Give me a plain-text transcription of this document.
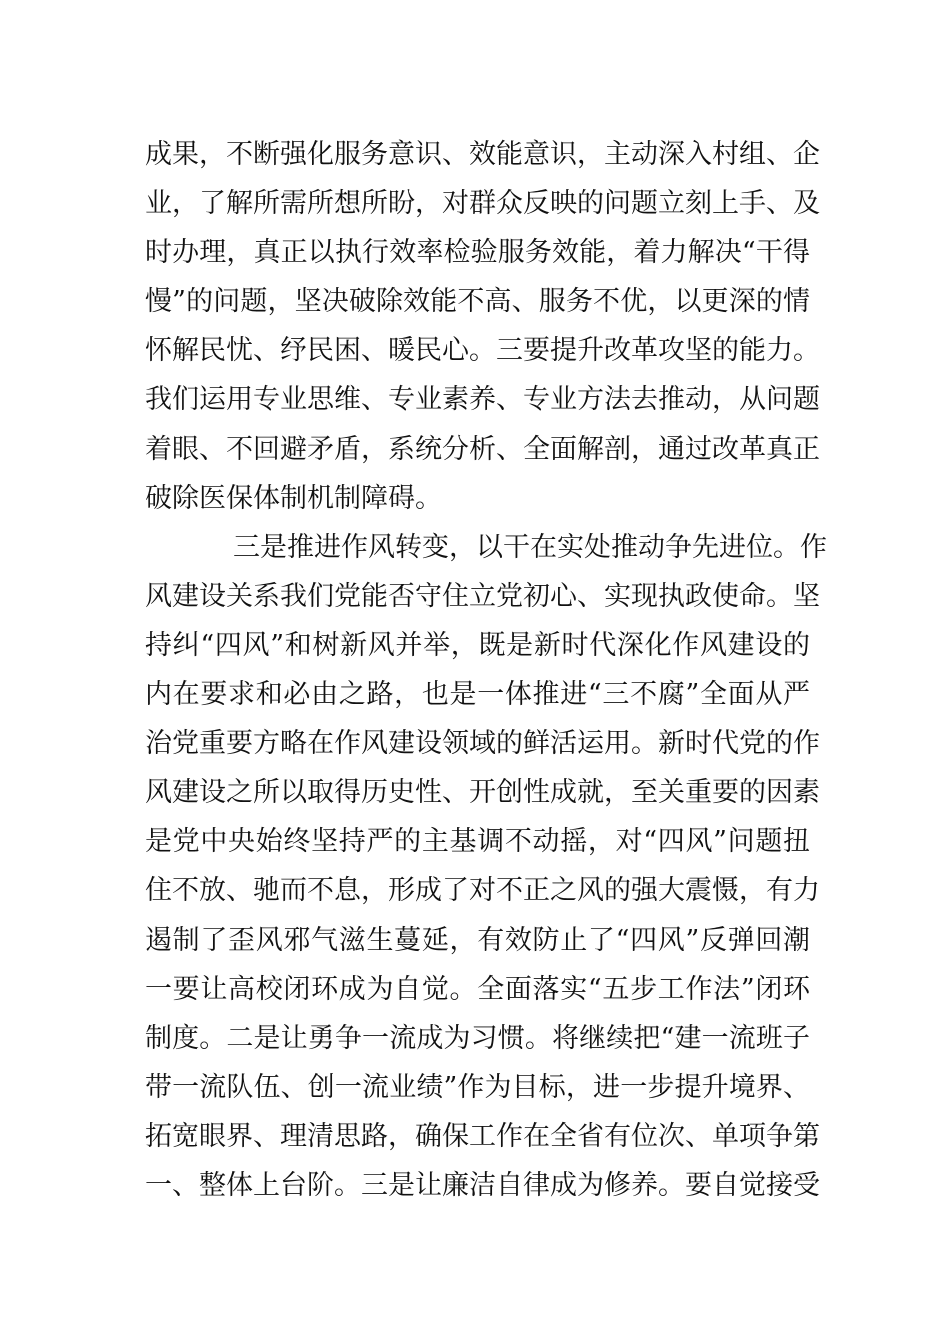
成果，不断强化服务意识、效能意识，主动深入村组、企
业，了解所需所想所盼，对群众反映的问题立刻上手、及
时办理，真正以执行效率检验服务效能，着力解决“干得
慢”的问题，坚决破除效能不高、服务不优，以更深的情
怀解民忧、纾民困、暖民心。三要提升改革攻坚的能力。
我们运用专业思维、专业素养、专业方法去推动，从问题
着眼、不回避矛盾，系统分析、全面解剖，通过改革真正
破除医保体制机制障碍。
三是推进作风转变，以干在实处推动争先进位。作
风建设关系我们党能否守住立党初心、实现执政使命。坚
持纠“四风”和树新风并举，既是新时代深化作风建设的
内在要求和必由之路，也是一体推进“三不腐”全面从严
治党重要方略在作风建设领域的鲜活运用。新时代党的作
风建设之所以取得历史性、开创性成就，至关重要的因素
是党中央始终坚持严的主基调不动摇，对“四风”问题扭
住不放、驰而不息，形成了对不正之风的强大震慑，有力
遏制了歪风邪气滋生蔓延，有效防止了“四风”反弹回潮
一要让高校闭环成为自觉。全面落实“五步工作法”闭环
制度。二是让勇争一流成为习惯。将继续把“建一流班子
带一流队伍、创一流业绩”作为目标，进一步提升境界、
拓宽眼界、理清思路，确保工作在全省有位次、单项争第
一、整体上台阶。三是让廉洁自律成为修养。要自觉接受
